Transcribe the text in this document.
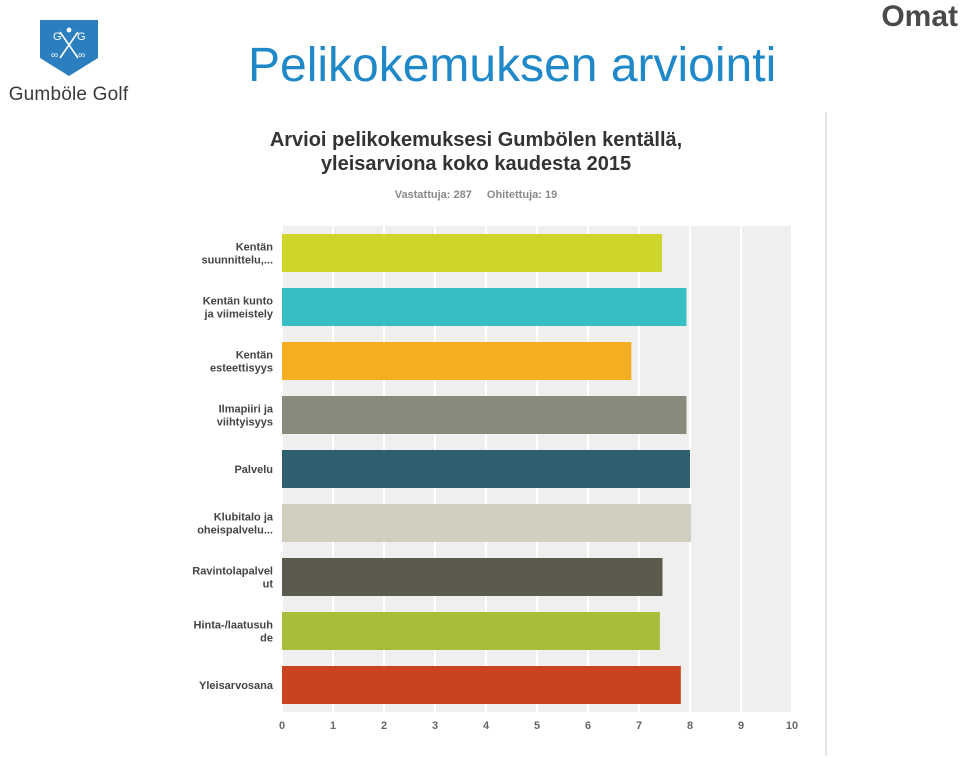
G G
∞ ∞
Gumböle Golf
Pelikokemuksen arviointi
Omat
Arvioi pelikokemuksesi Gumbölen kentällä,
yleisarviona koko kaudesta 2015
Vastattuja: 287 Ohitettuja: 19
0	1	2	3	4	5	6	7	8	9	10
Kentän suunnittelu,...
Kentän kunto ja viimeistely
Kentän esteettisyys
Ilmapiiri ja viihtyisyys
Palvelu
Klubitalo ja oheispalvelu...
Ravintolapalvel ut
Hinta-/laatusuh de
Yleisarvosana
